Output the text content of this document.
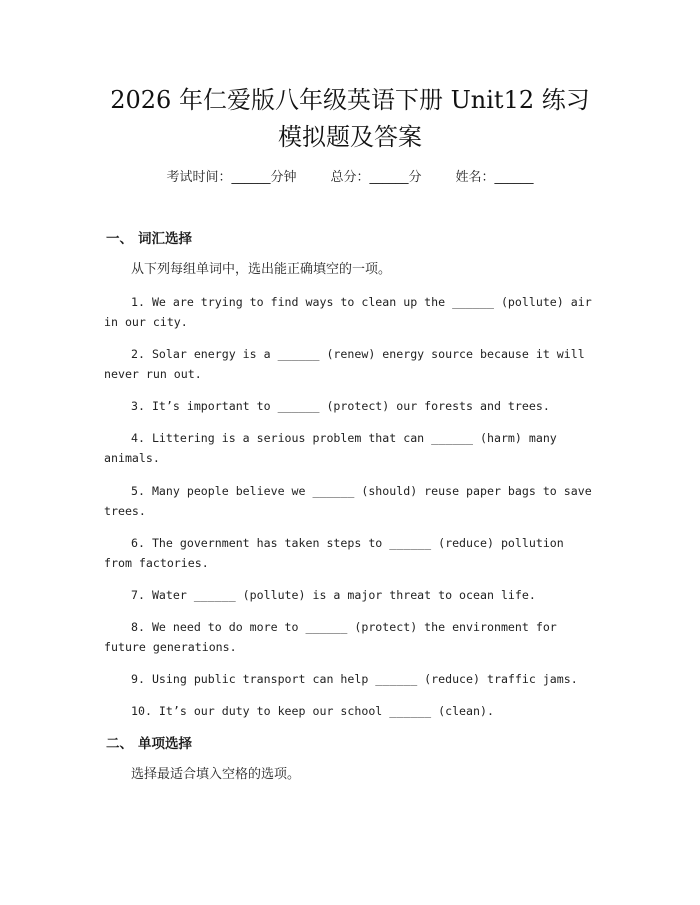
2026 年仁爱版八年级英语下册 Unit12 练习
模拟题及答案
考试时间：______分钟	总分：______分	姓名：______
一、 词汇选择
从下列每组单词中，选出能正确填空的一项。
1. We are trying to find ways to clean up the ______ (pollute) air in our city.
2. Solar energy is a ______ (renew) energy source because it will never run out.
3. It’s important to ______ (protect) our forests and trees.
4. Littering is a serious problem that can ______ (harm) many animals.
5. Many people believe we ______ (should) reuse paper bags to save trees.
6. The government has taken steps to ______ (reduce) pollution from factories.
7. Water ______ (pollute) is a major threat to ocean life.
8. We need to do more to ______ (protect) the environment for future generations.
9. Using public transport can help ______ (reduce) traffic jams.
10. It’s our duty to keep our school ______ (clean).
二、 单项选择
选择最适合填入空格的选项。
